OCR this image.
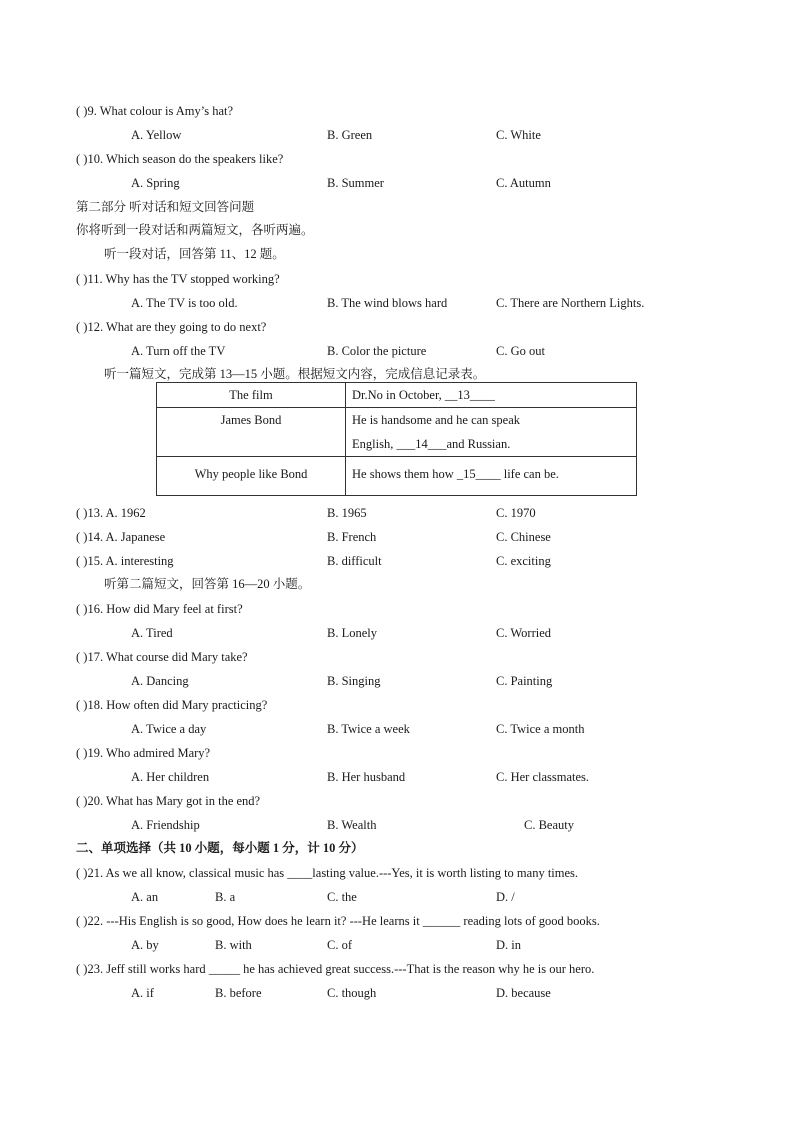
( )9. What colour is Amy’s hat?
A. Yellow	B. Green	C. White
( )10. Which season do the speakers like?
A. Spring	B. Summer	C. Autumn
第二部分 听对话和短文回答问题
你将听到一段对话和两篇短文，各听两遍。
听一段对话，回答第 11、12 题。
( )11. Why has the TV stopped working?
A. The TV is too old.	B. The wind blows hard	C. There are Northern Lights.
( )12. What are they going to do next?
A. Turn off the TV	B. Color the picture	C. Go out
听一篇短文，完成第 13—15 小题。根据短文内容，完成信息记录表。
The film	Dr.No in October, __13____
James Bond	He is handsome and he can speak
English, ___14___and Russian.

Why people like Bond	He shows them how _15____ life can be.
( )13. A. 1962	B. 1965	C. 1970
( )14. A. Japanese	B. French	C. Chinese
( )15. A. interesting	B. difficult	C. exciting
听第二篇短文，回答第 16—20 小题。
( )16. How did Mary feel at first?
A. Tired	B. Lonely	C. Worried
( )17. What course did Mary take?
A. Dancing	B. Singing	C. Painting
( )18. How often did Mary practicing?
A. Twice a day	B. Twice a week	C. Twice a month
( )19. Who admired Mary?
A. Her children	B. Her husband	C. Her classmates.
( )20. What has Mary got in the end?
A. Friendship	B. Wealth	C. Beauty
二、单项选择（共 10 小题，每小题 1 分，计 10 分）
( )21. As we all know, classical music has ____lasting value.---Yes, it is worth listing to many times.
A. an	B. a	C. the	D. /
( )22. ---His English is so good, How does he learn it? ---He learns it ______ reading lots of good books.
A. by	B. with	C. of	D. in
( )23. Jeff still works hard _____ he has achieved great success.---That is the reason why he is our hero.
A. if	B. before	C. though	D. because
